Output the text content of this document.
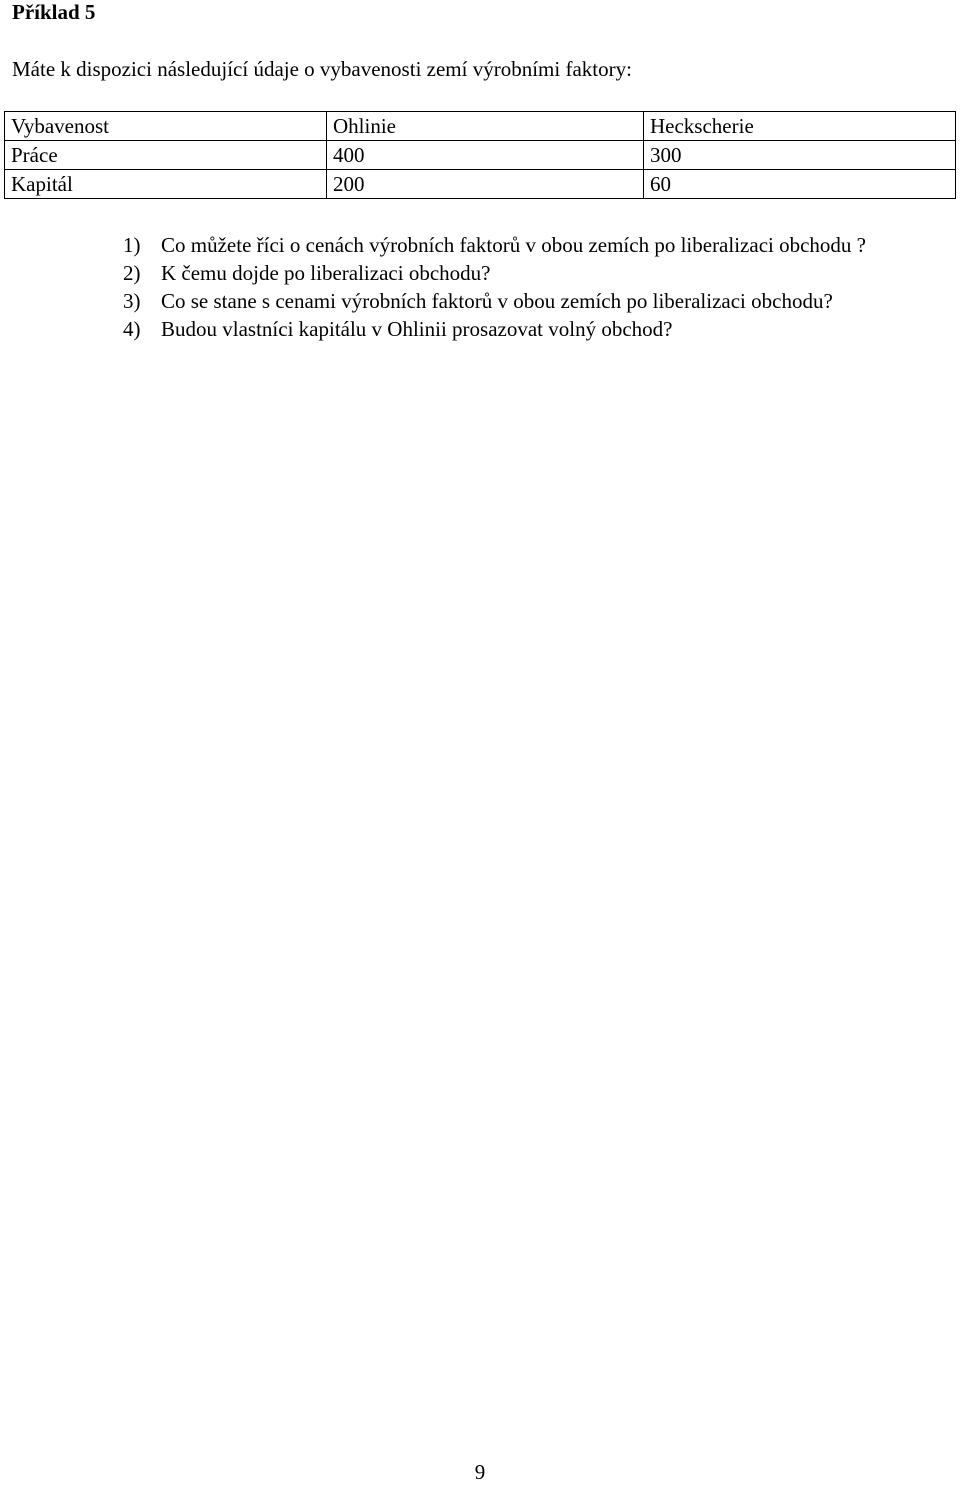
Příklad 5
Máte k dispozici následující údaje o vybavenosti zemí výrobními faktory:
Vybavenost	Ohlinie	Heckscherie
Práce	400	300
Kapitál	200	60
1) Co můžete říci o cenách výrobních faktorů v obou zemích po liberalizaci obchodu ?
2) K čemu dojde po liberalizaci obchodu?
3) Co se stane s cenami výrobních faktorů v obou zemích po liberalizaci obchodu?
4) Budou vlastníci kapitálu v Ohlinii prosazovat volný obchod?
9
